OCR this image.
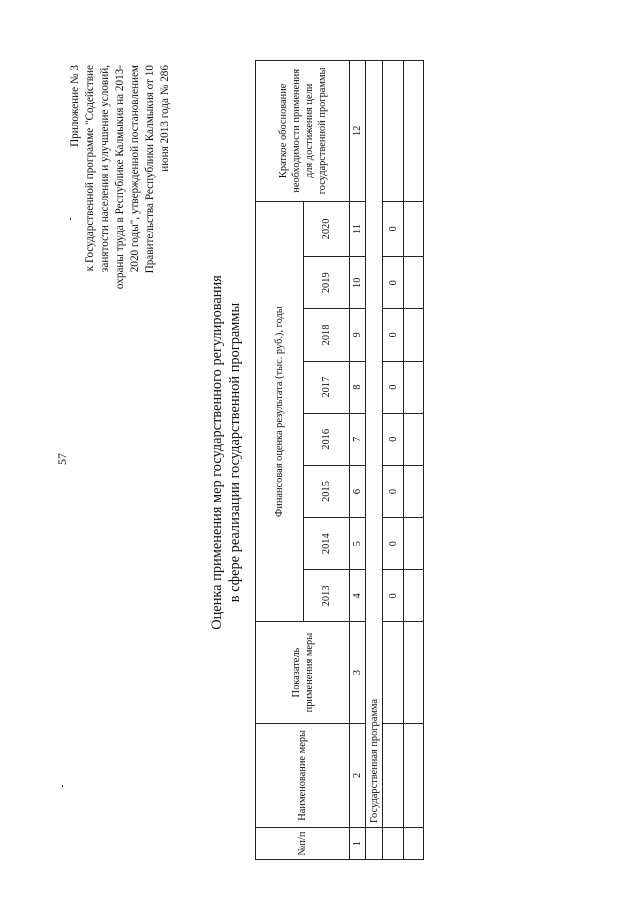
57
Приложение № 3 к Государственной программе "Содействие занятости населения и улучшение условий, охраны труда в Республике Калмыкия на 2013- 2020 годы", утвержденной постановлением Правительства Республики Калмыкия от 10 июня 2013 года № 286
Оценка применения мер государственного регулирования в сфере реализации государственной программы
№п/п	Наименование меры	Показатель применения меры	Финансовая оценка результата (тыс. руб.), годы								Краткое обоснование необходимости применения для достижения цели государственной программы
			2013	2014	2015	2016	2017	2018	2019	2020	
1	2	3	4	5	6	7	8	9	10	11	12
	Государственная программа										
			0	0	0	0	0	0	0	0	
